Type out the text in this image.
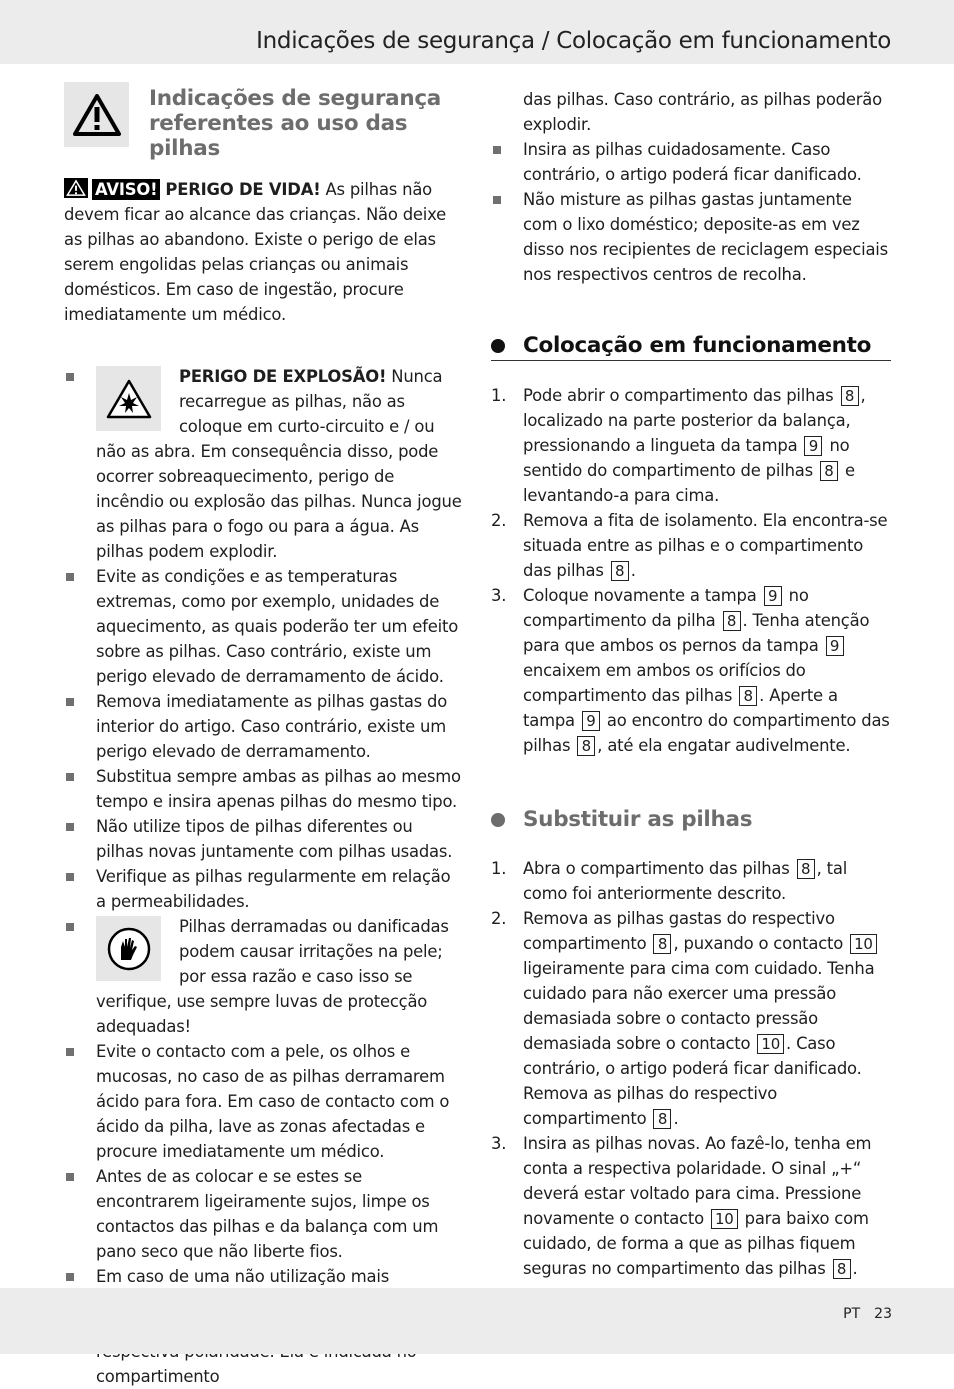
Indicações de segurança / Colocação em funcionamento
Indicações de segurança referentes ao uso das pilhas
AVISO! PERIGO DE VIDA! As pilhas não devem ficar ao alcance das crianças. Não deixe as pilhas ao abandono. Existe o perigo de elas serem engolidas pelas crianças ou animais domésticos. Em caso de ingestão, procure imediatamente um médico.
PERIGO DE EXPLOSÃO! Nunca recarregue as pilhas, não as coloque em curto-circuito e / ou não as abra. Em consequência disso, pode ocorrer sobreaquecimento, perigo de incêndio ou explosão das pilhas. Nunca jogue as pilhas para o fogo ou para a água. As pilhas podem explodir.
Evite as condições e as temperaturas extremas, como por exemplo, unidades de aquecimento, as quais poderão ter um efeito sobre as pilhas. Caso contrário, existe um perigo elevado de derramamento de ácido.
Remova imediatamente as pilhas gastas do interior do artigo. Caso contrário, existe um perigo elevado de derramamento.
Substitua sempre ambas as pilhas ao mesmo tempo e insira apenas pilhas do mesmo tipo.
Não utilize tipos de pilhas diferentes ou pilhas novas juntamente com pilhas usadas.
Verifique as pilhas regularmente em relação a permeabilidades.
Pilhas derramadas ou danificadas podem causar irritações na pele; por essa razão e caso isso se verifique, use sempre luvas de protecção adequadas!
Evite o contacto com a pele, os olhos e mucosas, no caso de as pilhas derramarem ácido para fora. Em caso de contacto com o ácido da pilha, lave as zonas afectadas e procure imediatamente um médico.
Antes de as colocar e se estes se encontrarem ligeiramente sujos, limpe os contactos das pilhas e da balança com um pano seco que não liberte fios.
Em caso de uma não utilização mais
compartimento
das pilhas. Caso contrário, as pilhas poderão explodir.
Insira as pilhas cuidadosamente. Caso contrário, o artigo poderá ficar danificado.
Não misture as pilhas gastas juntamente com o lixo doméstico; deposite-as em vez disso nos recipientes de reciclagem especiais nos respectivos centros de recolha.
Colocação em funcionamento
1. Pode abrir o compartimento das pilhas 8 , localizado na parte posterior da balança, pressionando a lingueta da tampa 9 no sentido do compartimento de pilhas 8 e levantando-a para cima.
2. Remova a fita de isolamento. Ela encontra-se situada entre as pilhas e o compartimento das pilhas 8 .
3. Coloque novamente a tampa 9 no compartimento da pilha 8 . Tenha atenção para que ambos os pernos da tampa 9 encaixem em ambos os orifícios do compartimento das pilhas 8 . Aperte a tampa 9 ao encontro do compartimento das pilhas 8 , até ela engatar audivelmente.
Substituir as pilhas
1. Abra o compartimento das pilhas 8 , tal como foi anteriormente descrito.
2. Remova as pilhas gastas do respectivo compartimento 8 , puxando o contacto 10 ligeiramente para cima com cuidado. Tenha cuidado para não exercer uma pressão demasiada sobre o contacto pressão demasiada sobre o contacto 10 . Caso contrário, o artigo poderá ficar danificado. Remova as pilhas do respectivo compartimento 8 .
3. Insira as pilhas novas. Ao fazê-lo, tenha em conta a respectiva polaridade. O sinal „+“ deverá estar voltado para cima. Pressione novamente o contacto 10 para baixo com cuidado, de forma a que as pilhas fiquem seguras no compartimento das pilhas 8 .
PT 23
